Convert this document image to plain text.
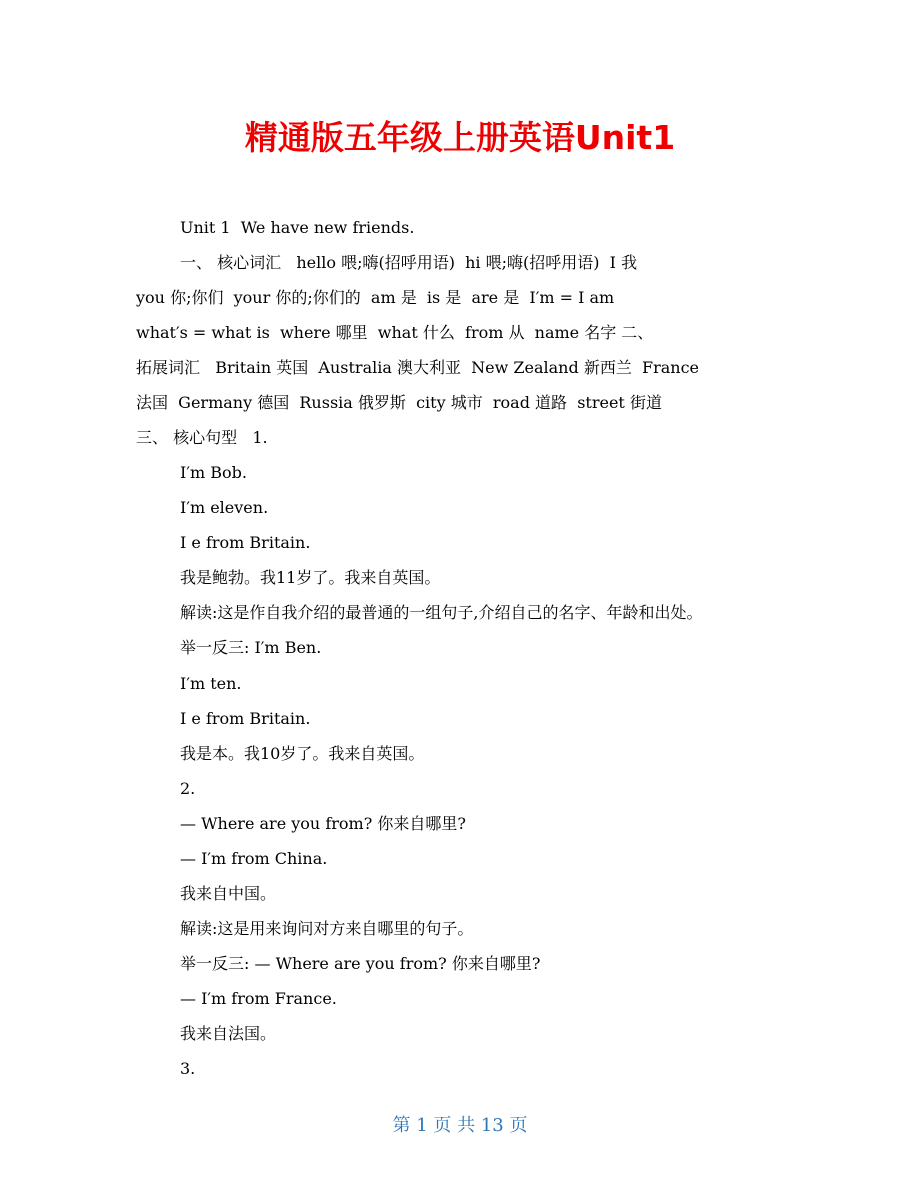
精通版五年级上册英语Unit1

Unit 1  We have new friends.

一、 核心词汇   hello 喂;嗨(招呼用语)  hi 喂;嗨(招呼用语)  I 我

you 你;你们  your 你的;你们的  am 是  is 是  are 是  I′m = I am

what′s = what is  where 哪里  what 什么  from 从  name 名字 二、

拓展词汇   Britain 英国  Australia 澳大利亚  New Zealand 新西兰  France

法国  Germany 德国  Russia 俄罗斯  city 城市  road 道路  street 街道

三、 核心句型   1.

I′m Bob.

I′m eleven.

I e from Britain.

我是鲍勃。我11岁了。我来自英国。

解读:这是作自我介绍的最普通的一组句子,介绍自己的名字、年龄和出处。

举一反三: I′m Ben.

I′m ten.

I e from Britain.

我是本。我10岁了。我来自英国。

2.

— Where are you from? 你来自哪里?

— I′m from China.

我来自中国。

解读:这是用来询问对方来自哪里的句子。

举一反三: — Where are you from? 你来自哪里?

— I′m from France.

我来自法国。

3.

第 1 页 共 13 页
